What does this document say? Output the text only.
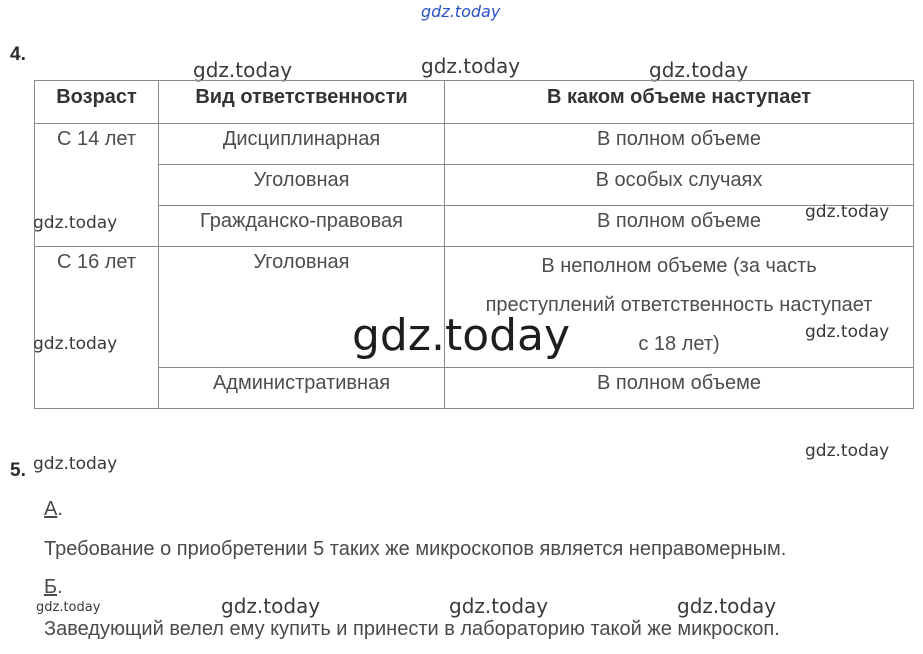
gdz.today
4.
gdz.today	gdz.today	gdz.today
Возраст	Вид ответственности	В каком объеме наступает
С 14 лет	Дисциплинарная	В полном объеме
	Уголовная	В особых случаях
	Гражданско-правовая	В полном объеме
С 16 лет	Уголовная	В неполном объеме (за часть
преступлений ответственность наступает
с 18 лет)

	Административная	В полном объеме
gdz.today
gdz.today
gdz.today
gdz.today
gdz.today
gdz.today
5. gdz.today
А.
Требование о приобретении 5 таких же микроскопов является неправомерным.
Б.
gdz.today	gdz.today	gdz.today	gdz.today
Заведующий велел ему купить и принести в лабораторию такой же микроскоп.
